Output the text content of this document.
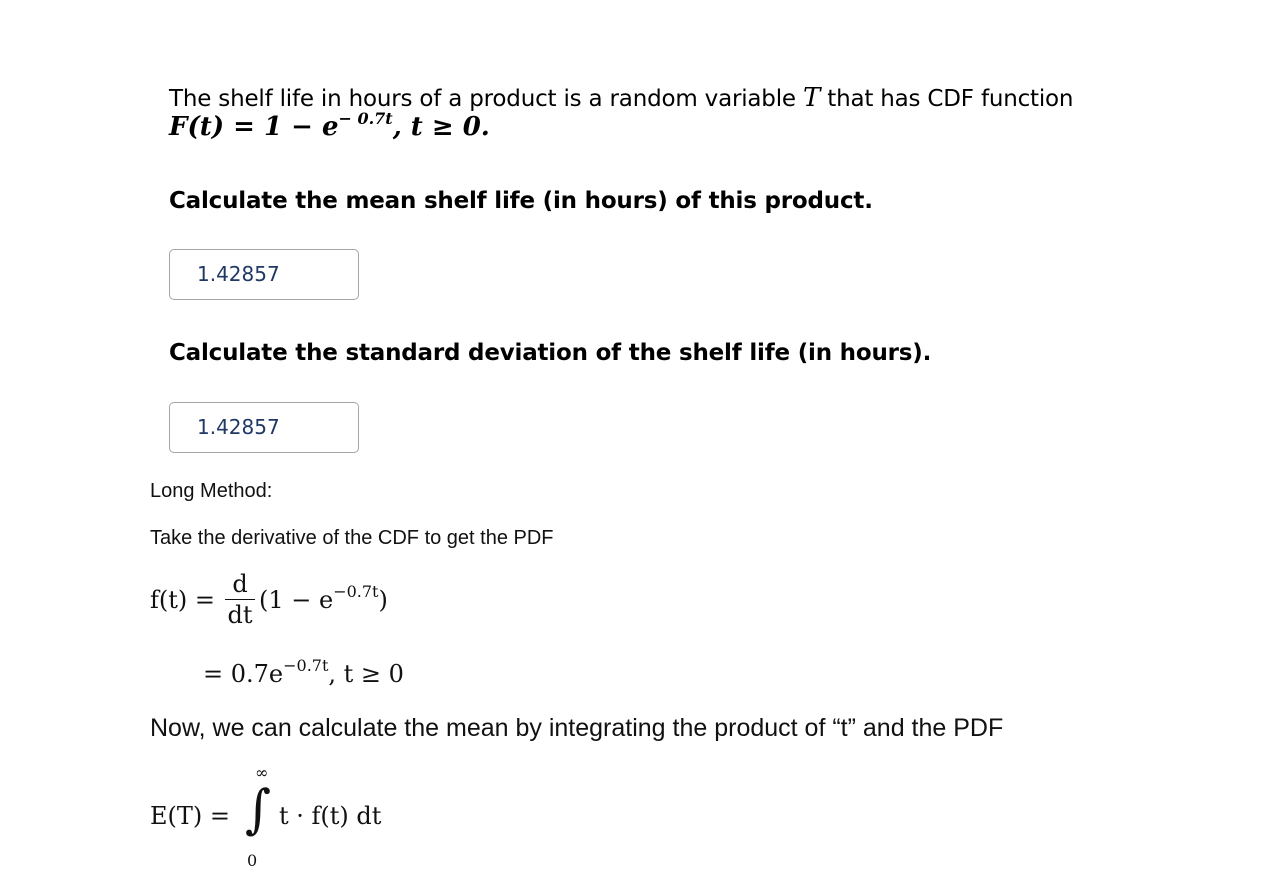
The shelf life in hours of a product is a random variable T that has CDF function
$F(t) = 1 - e^{- 0.7t}$, t ≥ 0.
Calculate the mean shelf life (in hours) of this product.
1.42857
Calculate the standard deviation of the shelf life (in hours).
1.42857
Long Method:
Take the derivative of the CDF to get the PDF
$f(t) = \frac{d}{dt} (1 - e^{-0.7t})$
= $0.7e^{-0.7t}$, t ≥ 0
Now, we can calculate the mean by integrating the product of “t” and the PDF
E(T) =
∞
∫
0
t · f(t) dt
